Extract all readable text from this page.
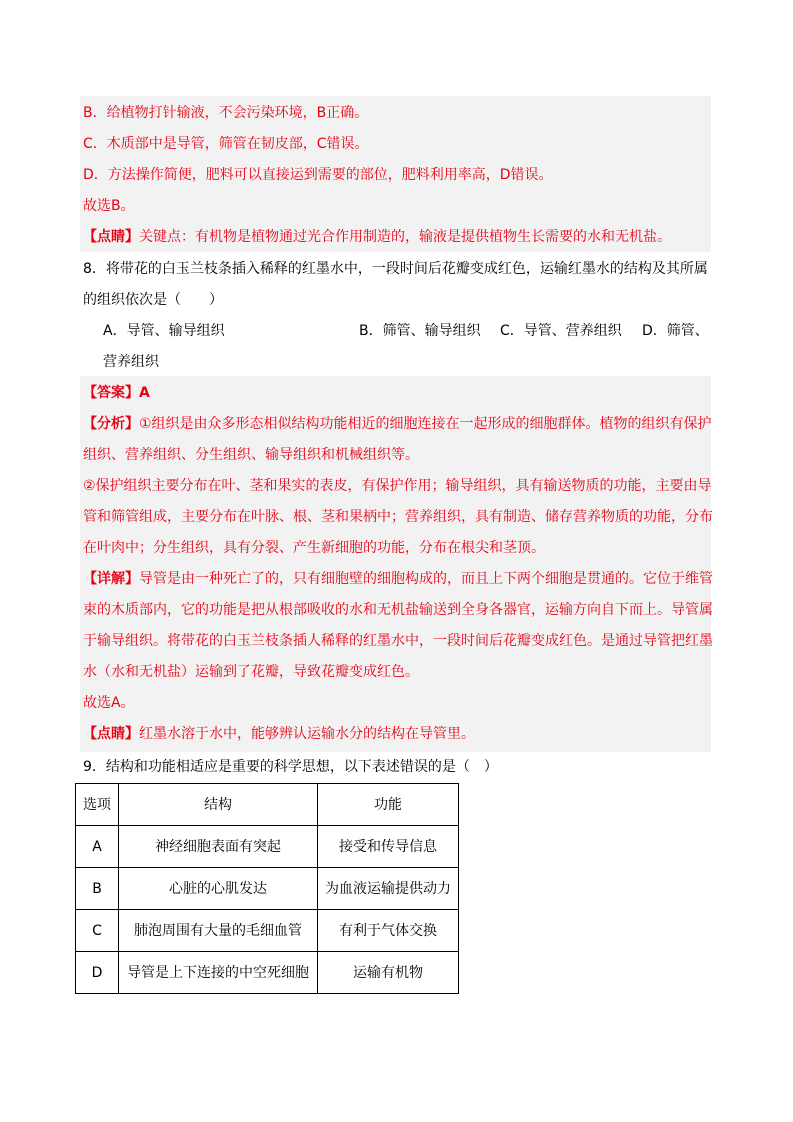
B．给植物打针输液，不会污染环境，B正确。
C．木质部中是导管，筛管在韧皮部，C错误。
D．方法操作简便，肥料可以直接运到需要的部位，肥料利用率高，D错误。
故选B。
【点睛】关键点：有机物是植物通过光合作用制造的，输液是提供植物生长需要的水和无机盐。
8．将带花的白玉兰枝条插入稀释的红墨水中，一段时间后花瓣变成红色，运输红墨水的结构及其所属
的组织依次是（　　）
A．导管、输导组织	B．筛管、输导组织 C．导管、营养组织 D．筛管、
营养组织
【答案】A
【分析】①组织是由众多形态相似结构功能相近的细胞连接在一起形成的细胞群体。植物的组织有保护
组织、营养组织、分生组织、输导组织和机械组织等。
②保护组织主要分布在叶、茎和果实的表皮，有保护作用；输导组织，具有输送物质的功能，主要由导
管和筛管组成，主要分布在叶脉、根、茎和果柄中；营养组织，具有制造、储存营养物质的功能，分布
在叶肉中；分生组织，具有分裂、产生新细胞的功能，分布在根尖和茎顶。
【详解】导管是由一种死亡了的，只有细胞壁的细胞构成的，而且上下两个细胞是贯通的。它位于维管
束的木质部内，它的功能是把从根部吸收的水和无机盐输送到全身各器官，运输方向自下而上。导管属
于输导组织。将带花的白玉兰枝条插人稀释的红墨水中，一段时间后花瓣变成红色。是通过导管把红墨
水（水和无机盐）运输到了花瓣，导致花瓣变成红色。
故选A。
【点睛】红墨水溶于水中，能够辨认运输水分的结构在导管里。
9．结构和功能相适应是重要的科学思想，以下表述错误的是（　）
选项	结构	功能
A	神经细胞表面有突起	接受和传导信息
B	心脏的心肌发达	为血液运输提供动力
C	肺泡周围有大量的毛细血管	有利于气体交换
D	导管是上下连接的中空死细胞	运输有机物
